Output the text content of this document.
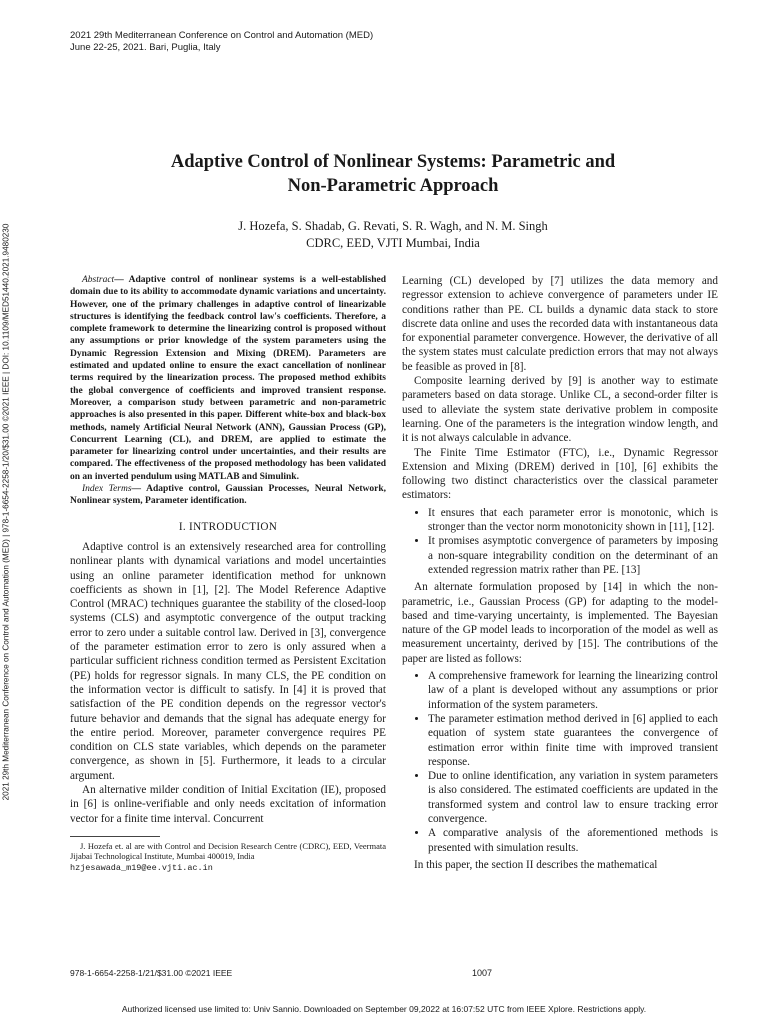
2021 29th Mediterranean Conference on Control and Automation (MED)
June 22-25, 2021. Bari, Puglia, Italy
2021 29th Mediterranean Conference on Control and Automation (MED) | 978-1-6654-2258-1/20/$31.00 ©2021 IEEE | DOI: 10.1109/MED51440.2021.9480230
Adaptive Control of Nonlinear Systems: Parametric and
Non-Parametric Approach
J. Hozefa, S. Shadab, G. Revati, S. R. Wagh, and N. M. Singh
CDRC, EED, VJTI Mumbai, India

Abstract— Adaptive control of nonlinear systems is a well-established domain due to its ability to accommodate dynamic variations and uncertainty. However, one of the primary challenges in adaptive control of linearizable structures is identifying the feedback control law's coefficients. Therefore, a complete framework to determine the linearizing control is proposed without any assumptions or prior knowledge of the system parameters using the Dynamic Regression Extension and Mixing (DREM). Parameters are estimated and updated online to ensure the exact cancellation of nonlinear terms required by the linearization process. The proposed method exhibits the global convergence of coefficients and improved transient response. Moreover, a comparison study between parametric and non-parametric approaches is also presented in this paper. Different white-box and black-box methods, namely Artificial Neural Network (ANN), Gaussian Process (GP), Concurrent Learning (CL), and DREM, are applied to estimate the parameter for linearizing control under uncertainties, and their results are compared. The effectiveness of the proposed methodology has been validated on an inverted pendulum using MATLAB and Simulink.

Index Terms— Adaptive control, Gaussian Processes, Neural Network, Nonlinear system, Parameter identification.

I. INTRODUCTION

Adaptive control is an extensively researched area for controlling nonlinear plants with dynamical variations and model uncertainties using an online parameter identification method for unknown coefficients as shown in [1], [2]. The Model Reference Adaptive Control (MRAC) techniques guarantee the stability of the closed-loop systems (CLS) and asymptotic convergence of the output tracking error to zero under a suitable control law. Derived in [3], convergence of the parameter estimation error to zero is only assured when a particular sufficient richness condition termed as Persistent Excitation (PE) holds for regressor signals. In many CLS, the PE condition on the information vector is difficult to satisfy. In [4] it is proved that satisfaction of the PE condition depends on the regressor vector's future behavior and demands that the signal has adequate energy for the entire period. Moreover, parameter convergence requires PE condition on CLS state variables, which depends on the parameter convergence, as shown in [5]. Furthermore, it leads to a circular argument.

An alternative milder condition of Initial Excitation (IE), proposed in [6] is online-verifiable and only needs excitation of information vector for a finite time interval. Concurrent

J. Hozefa et. al are with Control and Decision Research Centre (CDRC), EED, Veermata Jijabai Technological Institute, Mumbai 400019, India
hzjesawada_m19@ee.vjti.ac.in

Learning (CL) developed by [7] utilizes the data memory and regressor extension to achieve convergence of parameters under IE conditions rather than PE. CL builds a dynamic data stack to store discrete data online and uses the recorded data with instantaneous data for exponential parameter convergence. However, the derivative of all the system states must calculate prediction errors that may not always be feasible as proved in [8].

Composite learning derived by [9] is another way to estimate parameters based on data storage. Unlike CL, a second-order filter is used to alleviate the system state derivative problem in composite learning. One of the parameters is the integration window length, and it is not always calculable in advance.

The Finite Time Estimator (FTC), i.e., Dynamic Regressor Extension and Mixing (DREM) derived in [10], [6] exhibits the following two distinct characteristics over the classical parameter estimators:

• It ensures that each parameter error is monotonic, which is stronger than the vector norm monotonicity shown in [11], [12].
• It promises asymptotic convergence of parameters by imposing a non-square integrability condition on the determinant of an extended regression matrix rather than PE. [13]

An alternate formulation proposed by [14] in which the non-parametric, i.e., Gaussian Process (GP) for adapting to the model-based and time-varying uncertainty, is implemented. The Bayesian nature of the GP model leads to incorporation of the model as well as measurement uncertainty, derived by [15]. The contributions of the paper are listed as follows:

• A comprehensive framework for learning the linearizing control law of a plant is developed without any assumptions or prior information of the system parameters.
• The parameter estimation method derived in [6] applied to each equation of system state guarantees the convergence of estimation error within finite time with improved transient response.
• Due to online identification, any variation in system parameters is also considered. The estimated coefficients are updated in the transformed system and control law to ensure tracking error convergence.
• A comparative analysis of the aforementioned methods is presented with simulation results.

In this paper, the section II describes the mathematical

978-1-6654-2258-1/21/$31.00 ©2021 IEEE	1007
Authorized licensed use limited to: Univ Sannio. Downloaded on September 09,2022 at 16:07:52 UTC from IEEE Xplore. Restrictions apply.
